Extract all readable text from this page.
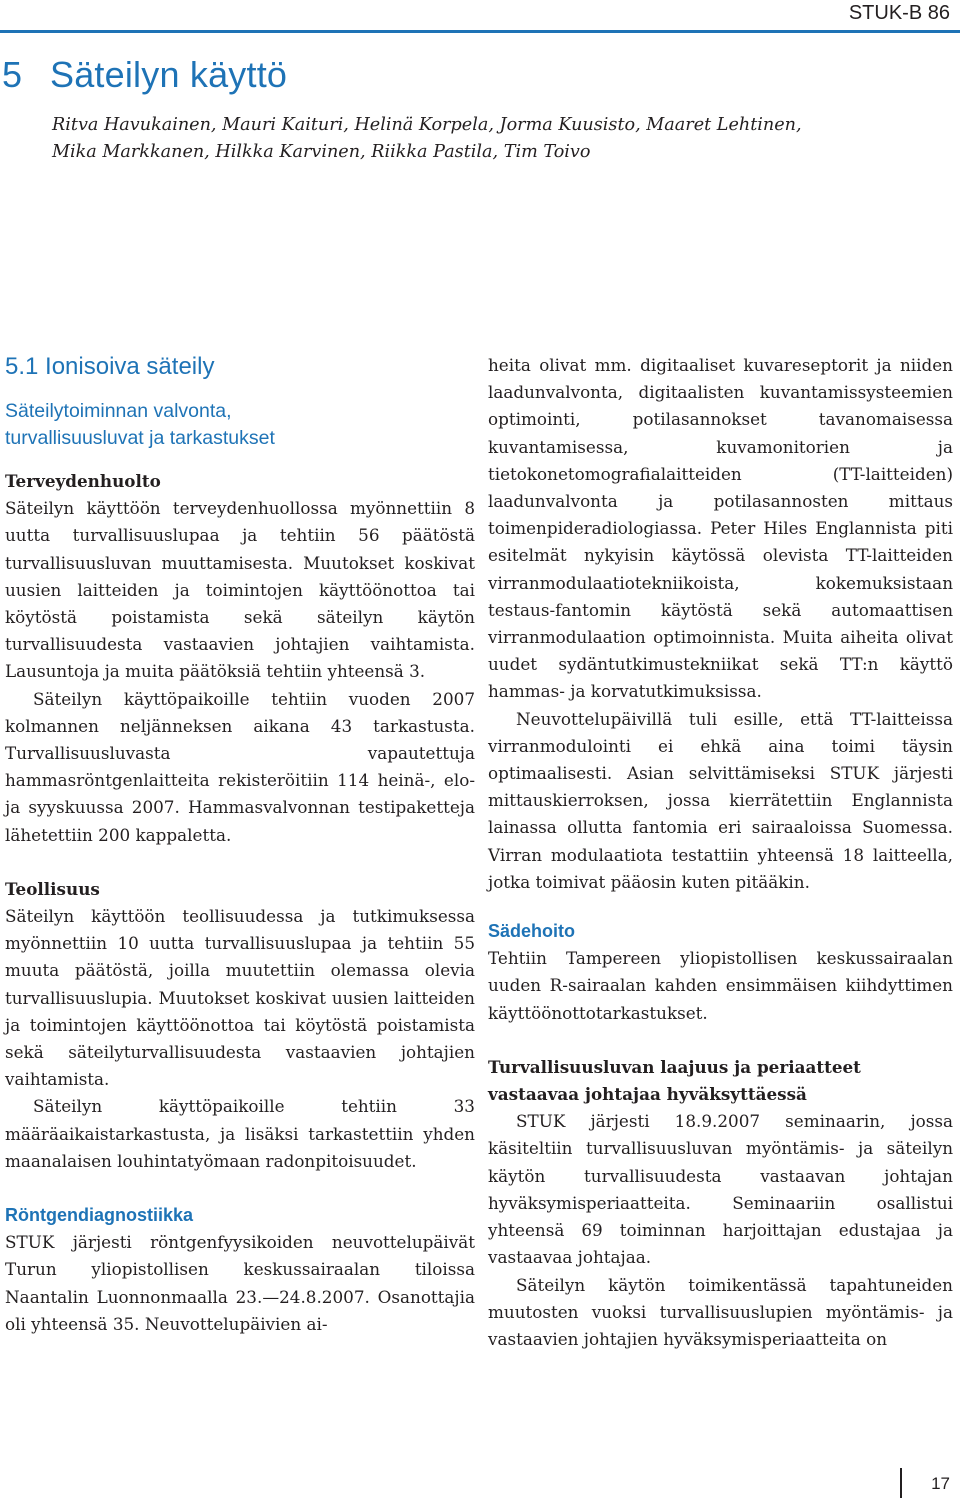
STUK-B 86
5 Säteilyn käyttö
Ritva Havukainen, Mauri Kaituri, Helinä Korpela, Jorma Kuusisto, Maaret Lehtinen,
Mika Markkanen, Hilkka Karvinen, Riikka Pastila, Tim Toivo
5.1 Ionisoiva säteily
Säteilytoiminnan valvonta,
turvallisuusluvat ja tarkastukset
Terveydenhuolto

Säteilyn käyttöön terveydenhuollossa myönnettiin 8 uutta turvallisuuslupaa ja tehtiin 56 päätöstä turvallisuusluvan muuttamisesta. Muutokset koskivat uusien laitteiden ja toimintojen käyttöönottoa tai köytöstä poistamista sekä säteilyn käytön turvallisuudesta vastaavien johtajien vaihtamista. Lausuntoja ja muita päätöksiä tehtiin yhteensä 3.

Säteilyn käyttöpaikoille tehtiin vuoden 2007 kolmannen neljänneksen aikana 43 tarkastusta. Turvallisuusluvasta vapautettuja hammasröntgenlaitteita rekisteröitiin 114 heinä-, elo- ja syyskuussa 2007. Hammasvalvonnan testipaketteja lähetettiin 200 kappaletta.

Teollisuus

Säteilyn käyttöön teollisuudessa ja tutkimuksessa myönnettiin 10 uutta turvallisuuslupaa ja tehtiin 55 muuta päätöstä, joilla muutettiin olemassa olevia turvallisuuslupia. Muutokset koskivat uusien laitteiden ja toimintojen käyttöönottoa tai köytöstä poistamista sekä säteilyturvallisuudesta vastaavien johtajien vaihtamista.

Säteilyn käyttöpaikoille tehtiin 33 määräaikaistarkastusta, ja lisäksi tarkastettiin yhden maanalaisen louhintatyömaan radonpitoisuudet.

Röntgendiagnostiikka

STUK järjesti röntgenfyysikoiden neuvottelupäivät Turun yliopistollisen keskussairaalan tiloissa Naantalin Luonnonmaalla 23.—24.8.2007. Osanottajia oli yhteensä 35. Neuvottelupäivien ai-

heita olivat mm. digitaaliset kuvareseptorit ja niiden laadunvalvonta, digitaalisten kuvantamissysteemien optimointi, potilasannokset tavanomaisessa kuvantamisessa, kuvamonitorien ja tietokonetomografialaitteiden (TT-laitteiden) laadunvalvonta ja potilasannosten mittaus toimenpideradiologiassa. Peter Hiles Englannista piti esitelmät nykyisin käytössä olevista TT-laitteiden virranmodulaatiotekniikoista, kokemuksistaan testaus-fantomin käytöstä sekä automaattisen virranmodulaation optimoinnista. Muita aiheita olivat uudet sydäntutkimustekniikat sekä TT:n käyttö hammas- ja korvatutkimuksissa.

Neuvottelupäivillä tuli esille, että TT-laitteissa virranmodulointi ei ehkä aina toimi täysin optimaalisesti. Asian selvittämiseksi STUK järjesti mittauskierroksen, jossa kierrätettiin Englannista lainassa ollutta fantomia eri sairaaloissa Suomessa. Virran modulaatiota testattiin yhteensä 18 laitteella, jotka toimivat pääosin kuten pitääkin.

Sädehoito

Tehtiin Tampereen yliopistollisen keskussairaalan uuden R-sairaalan kahden ensimmäisen kiihdyttimen käyttöönottotarkastukset.

Turvallisuusluvan laajuus ja periaatteet
vastaavaa johtajaa hyväksyttäessä

STUK järjesti 18.9.2007 seminaarin, jossa käsiteltiin turvallisuusluvan myöntämis- ja säteilyn käytön turvallisuudesta vastaavan johtajan hyväksymisperiaatteita. Seminaariin osallistui yhteensä 69 toiminnan harjoittajan edustajaa ja vastaavaa johtajaa.

Säteilyn käytön toimikentässä tapahtuneiden muutosten vuoksi turvallisuuslupien myöntämis- ja vastaavien johtajien hyväksymisperiaatteita on

17
